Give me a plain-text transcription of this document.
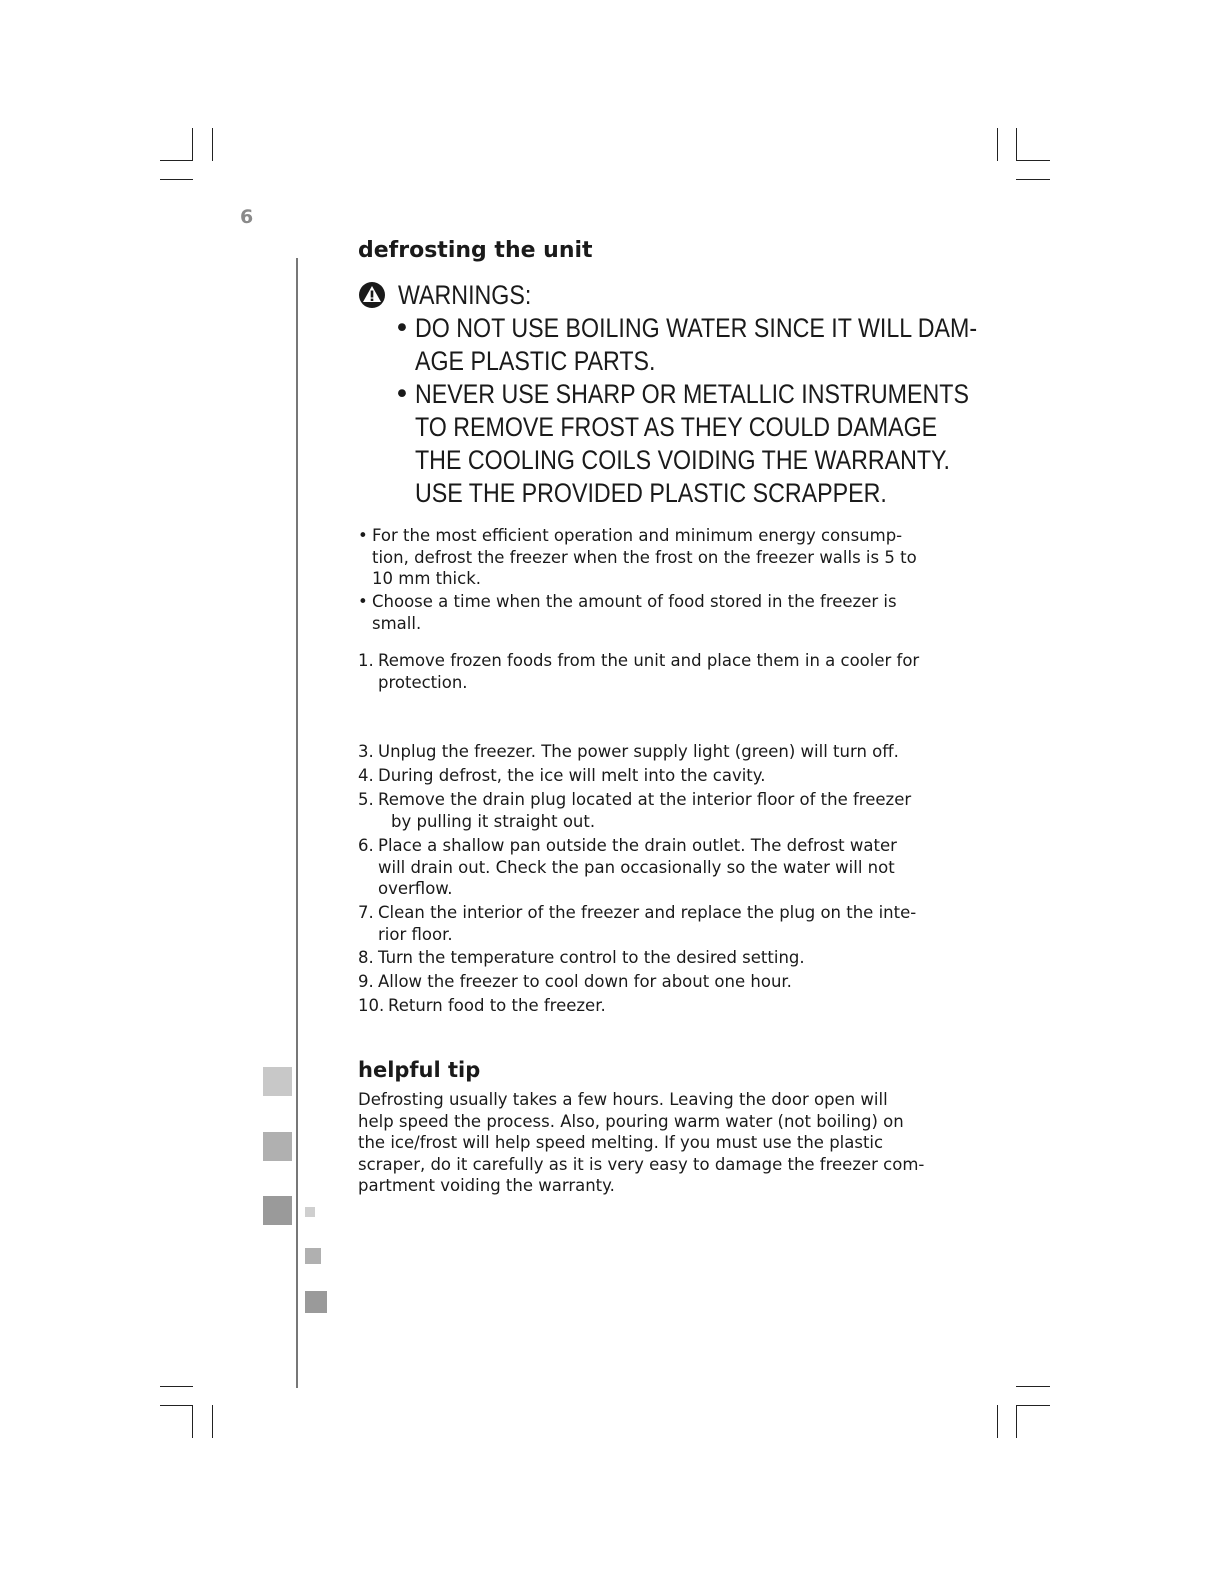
6
defrosting the unit
WARNINGS:
• DO NOT USE BOILING WATER SINCE IT WILL DAM-
AGE PLASTIC PARTS.
• NEVER USE SHARP OR METALLIC INSTRUMENTS
TO REMOVE FROST AS THEY COULD DAMAGE
THE COOLING COILS VOIDING THE WARRANTY.
USE THE PROVIDED PLASTIC SCRAPPER.
• For the most efficient operation and minimum energy consump-
tion, defrost the freezer when the frost on the freezer walls is 5 to
10 mm thick.
• Choose a time when the amount of food stored in the freezer is
small.
1. Remove frozen foods from the unit and place them in a cooler for
protection.
3. Unplug the freezer. The power supply light (green) will turn off.
4. During defrost, the ice will melt into the cavity.
5. Remove the drain plug located at the interior floor of the freezer
by pulling it straight out.
6. Place a shallow pan outside the drain outlet. The defrost water
will drain out. Check the pan occasionally so the water will not
overflow.
7. Clean the interior of the freezer and replace the plug on the inte-
rior floor.
8. Turn the temperature control to the desired setting.
9. Allow the freezer to cool down for about one hour.
10. Return food to the freezer.
helpful tip
Defrosting usually takes a few hours. Leaving the door open will
help speed the process. Also, pouring warm water (not boiling) on
the ice/frost will help speed melting. If you must use the plastic
scraper, do it carefully as it is very easy to damage the freezer com-
partment voiding the warranty.
